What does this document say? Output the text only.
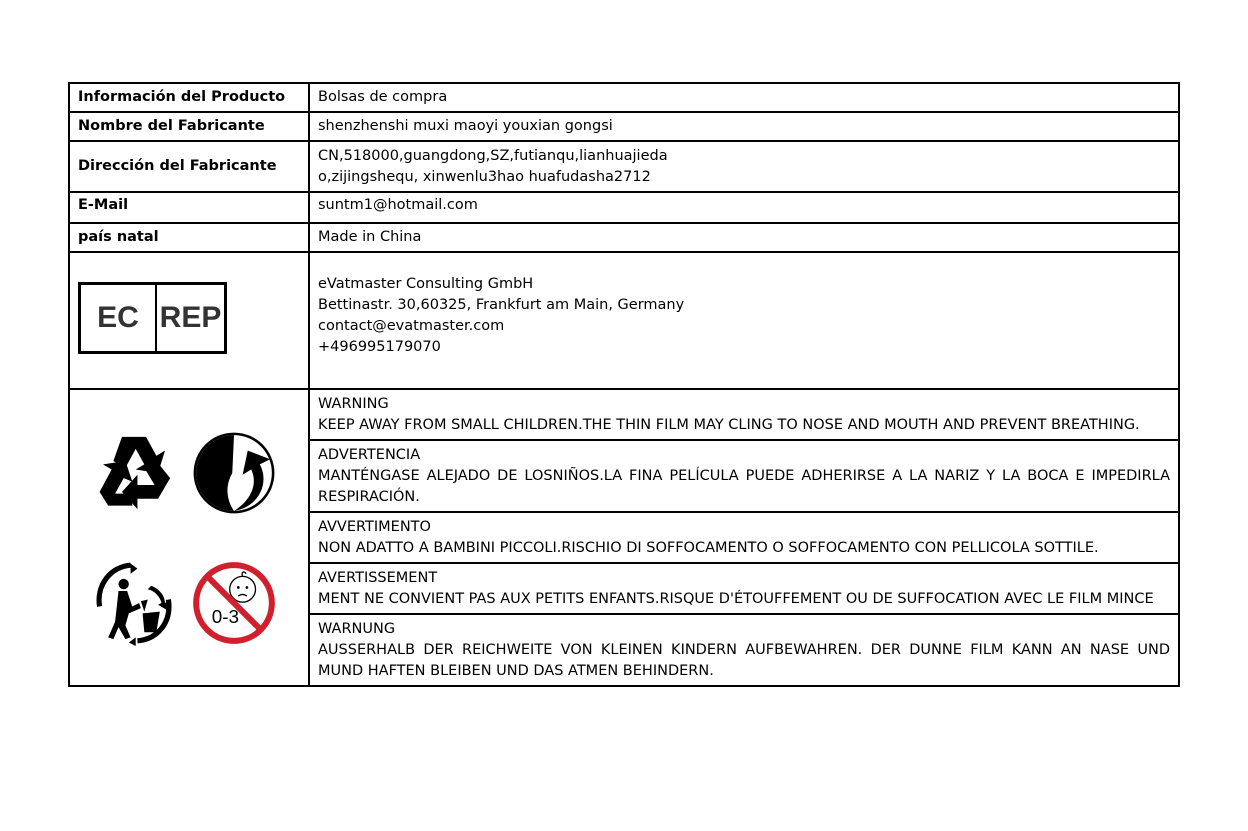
Información del Producto	Bolsas de compra
Nombre del Fabricante	shenzhenshi muxi maoyi youxian gongsi
Dirección del Fabricante	CN,518000,guangdong,SZ,futianqu,lianhuajieda
o,zijingshequ, xinwenlu3hao huafudasha2712

E-Mail	suntm1@hotmail.com
país natal	Made in China

EC REP	eVatmaster Consulting GmbH
Bettinastr. 30,60325, Frankfurt am Main, Germany
contact@evatmaster.com
+496995179070

0-3	WARNING
KEEP AWAY FROM SMALL CHILDREN.THE THIN FILM MAY CLING TO NOSE AND MOUTH AND PREVENT BREATHING.

	ADVERTENCIA
MANTÉNGASE ALEJADO DE LOSNIÑOS.LA FINA PELÍCULA PUEDE ADHERIRSE A LA NARIZ Y LA BOCA E IMPEDIRLA RESPIRACIÓN.

	AVVERTIMENTO
NON ADATTO A BAMBINI PICCOLI.RISCHIO DI SOFFOCAMENTO O SOFFOCAMENTO CON PELLICOLA SOTTILE.

	AVERTISSEMENT
MENT NE CONVIENT PAS AUX PETITS ENFANTS.RISQUE D'ÉTOUFFEMENT OU DE SUFFOCATION AVEC LE FILM MINCE

	WARNUNG
AUSSERHALB DER REICHWEITE VON KLEINEN KINDERN AUFBEWAHREN. DER DUNNE FILM KANN AN NASE UND MUND HAFTEN BLEIBEN UND DAS ATMEN BEHINDERN.
